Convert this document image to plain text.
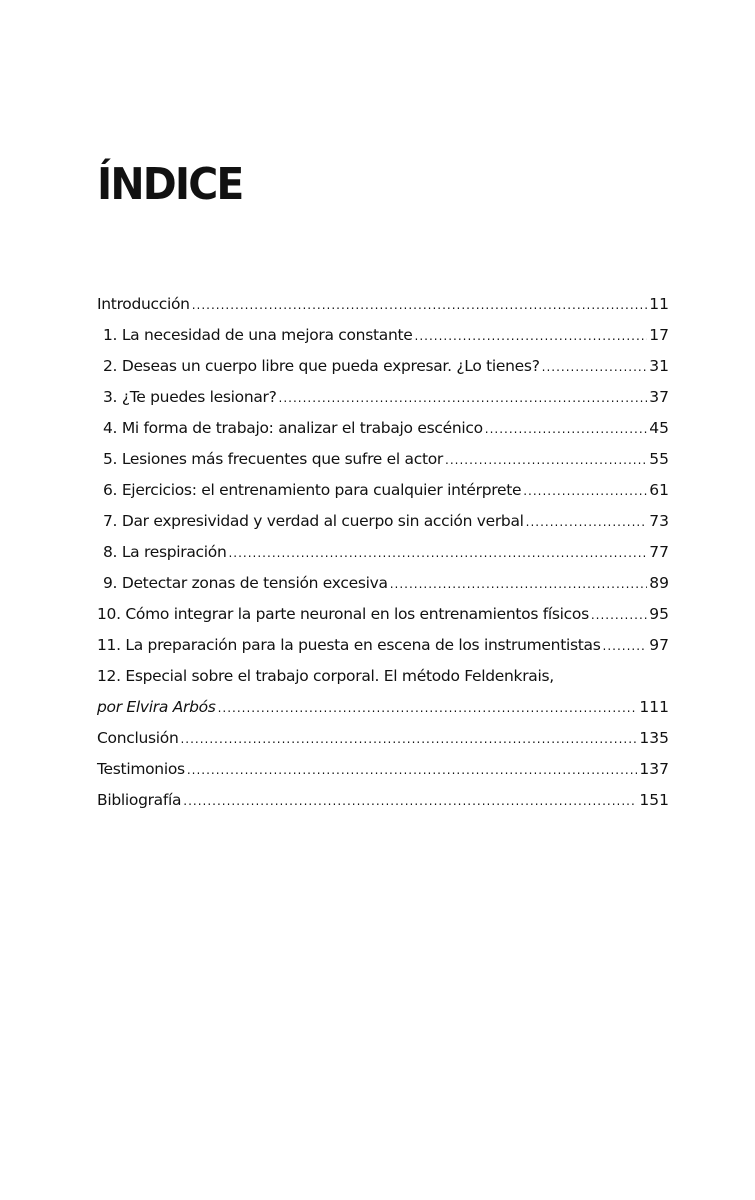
ÍNDICE
Introducción .....	11
1. La necesidad de una mejora constante .....	17
2. Deseas un cuerpo libre que pueda expresar. ¿Lo tienes? .....	31
3. ¿Te puedes lesionar? .....	37
4. Mi forma de trabajo: analizar el trabajo escénico .....	45
5. Lesiones más frecuentes que sufre el actor .....	55
6. Ejercicios: el entrenamiento para cualquier intérprete .....	61
7. Dar expresividad y verdad al cuerpo sin acción verbal .....	73
8. La respiración .....	77
9. Detectar zonas de tensión excesiva .....	89
10. Cómo integrar la parte neuronal en los entrenamientos físicos .....	95
11. La preparación para la puesta en escena de los instrumentistas .....	97
12. Especial sobre el trabajo corporal. El método Feldenkrais,
por Elvira Arbós .....	111
Conclusión .....	135
Testimonios .....	137
Bibliografía .....	151
